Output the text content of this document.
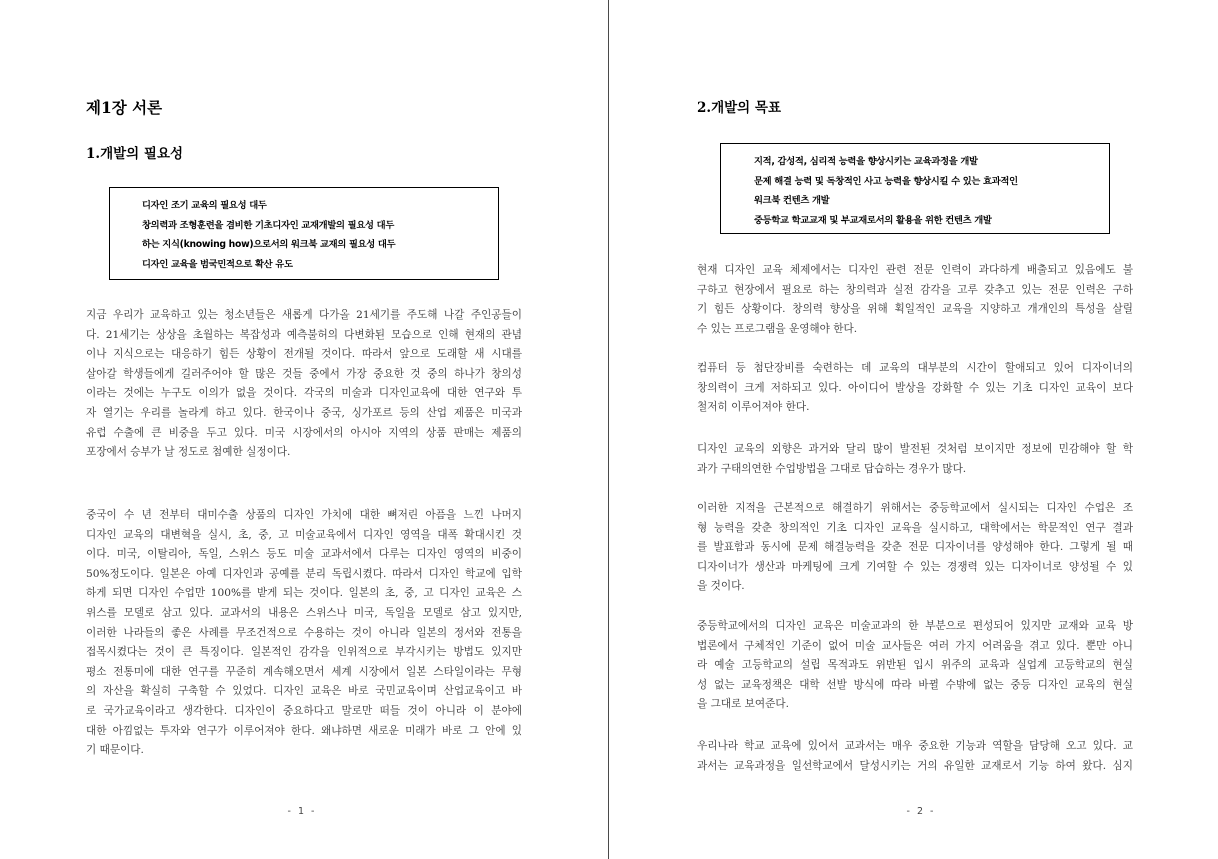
제1장 서론
1.개발의 필요성
디자인 조기 교육의 필요성 대두
창의력과 조형훈련을 겸비한 기초디자인 교재개발의 필요성 대두
하는 지식(knowing how)으로서의 워크북 교재의 필요성 대두
디자인 교육을 범국민적으로 확산 유도

지금 우리가 교육하고 있는 청소년들은 새롭게 다가올 21세기를 주도해 나갈 주인공들이
다. 21세기는 상상을 초월하는 복잡성과 예측불허의 다변화된 모습으로 인해 현재의 관념
이나 지식으로는 대응하기 힘든 상황이 전개될 것이다. 따라서 앞으로 도래할 새 시대를
살아갈 학생들에게 길러주어야 할 많은 것들 중에서 가장 중요한 것 중의 하나가 창의성
이라는 것에는 누구도 이의가 없을 것이다. 각국의 미술과 디자인교육에 대한 연구와 투
자 열기는 우리를 놀라게 하고 있다. 한국이나 중국, 싱가포르 등의 산업 제품은 미국과
유럽 수출에 큰 비중을 두고 있다. 미국 시장에서의 아시아 지역의 상품 판매는 제품의
포장에서 승부가 날 정도로 첨예한 실정이다.

중국이 수 년 전부터 대미수출 상품의 디자인 가치에 대한 뼈저린 아픔을 느낀 나머지
디자인 교육의 대변혁을 실시, 초, 중, 고 미술교육에서 디자인 영역을 대폭 확대시킨 것
이다. 미국, 이탈리아, 독일, 스위스 등도 미술 교과서에서 다루는 디자인 영역의 비중이
50%정도이다. 일본은 아예 디자인과 공예를 분리 독립시켰다. 따라서 디자인 학교에 입학
하게 되면 디자인 수업만 100%를 받게 되는 것이다. 일본의 초, 중, 고 디자인 교육은 스
위스를 모델로 삼고 있다. 교과서의 내용은 스위스나 미국, 독일을 모델로 삼고 있지만,
이러한 나라들의 좋은 사례를 무조건적으로 수용하는 것이 아니라 일본의 정서와 전통을
접목시켰다는 것이 큰 특징이다. 일본적인 감각을 인위적으로 부각시키는 방법도 있지만
평소 전통미에 대한 연구를 꾸준히 계속해오면서 세계 시장에서 일본 스타일이라는 무형
의 자산을 확실히 구축할 수 있었다. 디자인 교육은 바로 국민교육이며 산업교육이고 바
로 국가교육이라고 생각한다. 디자인이 중요하다고 말로만 떠들 것이 아니라 이 분야에
대한 아낌없는 투자와 연구가 이루어져야 한다. 왜냐하면 새로운 미래가 바로 그 안에 있
기 때문이다.

- 1 -
2.개발의 목표
지적, 감성적, 심리적 능력을 향상시키는 교육과정을 개발
문제 해결 능력 및 독창적인 사고 능력을 향상시킬 수 있는 효과적인
워크북 컨텐츠 개발
중등학교 학교교재 및 부교재로서의 활용을 위한 컨텐츠 개발

현재 디자인 교육 체제에서는 디자인 관련 전문 인력이 과다하게 배출되고 있음에도 불
구하고 현장에서 필요로 하는 창의력과 실전 감각을 고루 갖추고 있는 전문 인력은 구하
기 힘든 상황이다. 창의력 향상을 위해 획일적인 교육을 지양하고 개개인의 특성을 살릴
수 있는 프로그램을 운영해야 한다.

컴퓨터 등 첨단장비를 숙련하는 데 교육의 대부분의 시간이 할애되고 있어 디자이너의
창의력이 크게 저하되고 있다. 아이디어 발상을 강화할 수 있는 기초 디자인 교육이 보다
철저히 이루어져야 한다.

디자인 교육의 외향은 과거와 달리 많이 발전된 것처럼 보이지만 정보에 민감해야 할 학
과가 구태의연한 수업방법을 그대로 답습하는 경우가 많다.

이러한 지적을 근본적으로 해결하기 위해서는 중등학교에서 실시되는 디자인 수업은 조
형 능력을 갖춘 창의적인 기초 디자인 교육을 실시하고, 대학에서는 학문적인 연구 결과
를 발표함과 동시에 문제 해결능력을 갖춘 전문 디자이너를 양성해야 한다. 그렇게 될 때
디자이너가 생산과 마케팅에 크게 기여할 수 있는 경쟁력 있는 디자이너로 양성될 수 있
을 것이다.

중등학교에서의 디자인 교육은 미술교과의 한 부분으로 편성되어 있지만 교재와 교육 방
법론에서 구체적인 기준이 없어 미술 교사들은 여러 가지 어려움을 겪고 있다. 뿐만 아니
라 예술 고등학교의 설립 목적과도 위반된 입시 위주의 교육과 실업계 고등학교의 현실
성 없는 교육정책은 대학 선발 방식에 따라 바뀔 수밖에 없는 중등 디자인 교육의 현실
을 그대로 보여준다.

우리나라 학교 교육에 있어서 교과서는 매우 중요한 기능과 역할을 담당해 오고 있다. 교
과서는 교육과정을 일선학교에서 달성시키는 거의 유일한 교재로서 기능 하여 왔다. 심지

- 2 -
